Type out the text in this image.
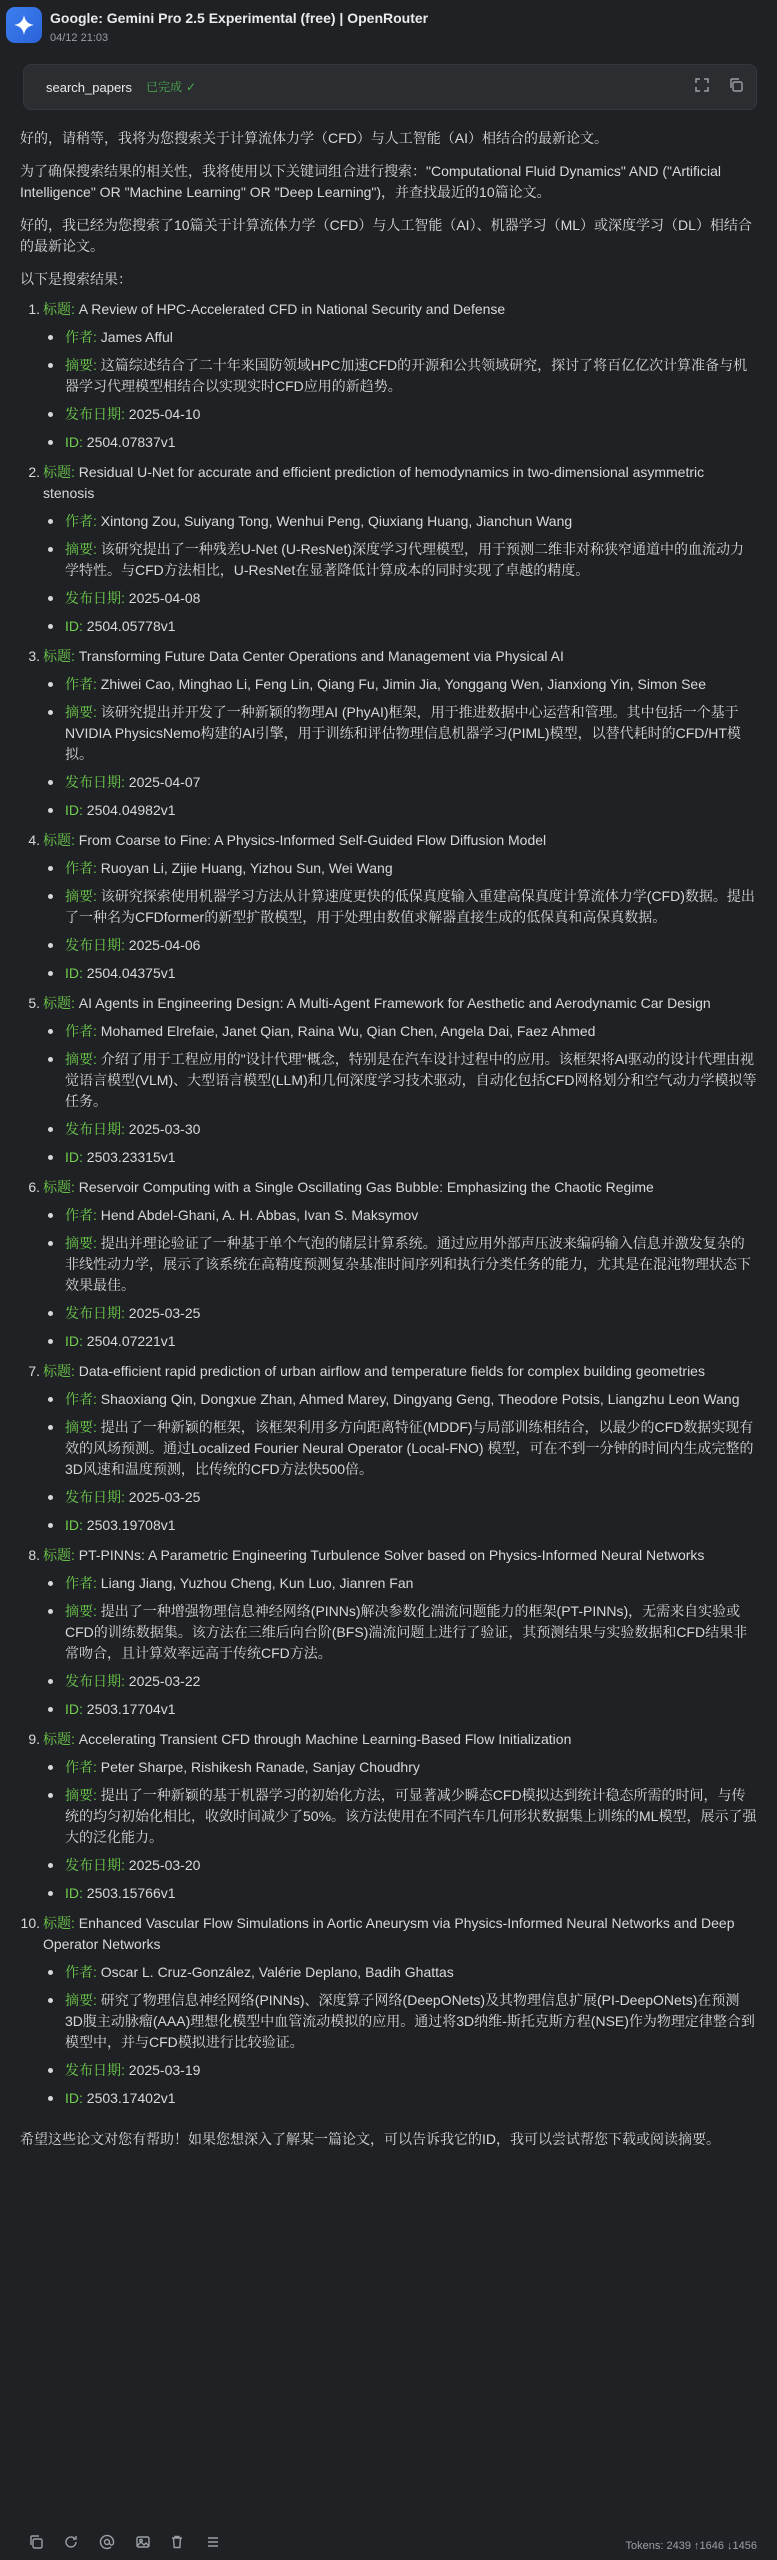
Google: Gemini Pro 2.5 Experimental (free) | OpenRouter
04/12 21:03
search_papers 已完成 ✓

好的，请稍等，我将为您搜索关于计算流体力学（CFD）与人工智能（AI）相结合的最新论文。

为了确保搜索结果的相关性，我将使用以下关键词组合进行搜索："Computational Fluid Dynamics" AND ("Artificial Intelligence" OR "Machine Learning" OR "Deep Learning")，并查找最近的10篇论文。

好的，我已经为您搜索了10篇关于计算流体力学（CFD）与人工智能（AI）、机器学习（ML）或深度学习（DL）相结合的最新论文。

以下是搜索结果：

1. 标题: A Review of HPC-Accelerated CFD in National Security and Defense
作者: James Afful
摘要: 这篇综述结合了二十年来国防领域HPC加速CFD的开源和公共领域研究，探讨了将百亿亿次计算准备与机器学习代理模型相结合以实现实时CFD应用的新趋势。
发布日期: 2025-04-10
ID: 2504.07837v1
2. 标题: Residual U-Net for accurate and efficient prediction of hemodynamics in two-dimensional asymmetric stenosis
作者: Xintong Zou, Suiyang Tong, Wenhui Peng, Qiuxiang Huang, Jianchun Wang
摘要: 该研究提出了一种残差U-Net (U-ResNet)深度学习代理模型，用于预测二维非对称狭窄通道中的血流动力学特性。与CFD方法相比，U-ResNet在显著降低计算成本的同时实现了卓越的精度。
发布日期: 2025-04-08
ID: 2504.05778v1
3. 标题: Transforming Future Data Center Operations and Management via Physical AI
作者: Zhiwei Cao, Minghao Li, Feng Lin, Qiang Fu, Jimin Jia, Yonggang Wen, Jianxiong Yin, Simon See
摘要: 该研究提出并开发了一种新颖的物理AI (PhyAI)框架，用于推进数据中心运营和管理。其中包括一个基于NVIDIA PhysicsNemo构建的AI引擎，用于训练和评估物理信息机器学习(PIML)模型，以替代耗时的CFD/HT模拟。
发布日期: 2025-04-07
ID: 2504.04982v1
4. 标题: From Coarse to Fine: A Physics-Informed Self-Guided Flow Diffusion Model
作者: Ruoyan Li, Zijie Huang, Yizhou Sun, Wei Wang
摘要: 该研究探索使用机器学习方法从计算速度更快的低保真度输入重建高保真度计算流体力学(CFD)数据。提出了一种名为CFDformer的新型扩散模型，用于处理由数值求解器直接生成的低保真和高保真数据。
发布日期: 2025-04-06
ID: 2504.04375v1
5. 标题: AI Agents in Engineering Design: A Multi-Agent Framework for Aesthetic and Aerodynamic Car Design
作者: Mohamed Elrefaie, Janet Qian, Raina Wu, Qian Chen, Angela Dai, Faez Ahmed
摘要: 介绍了用于工程应用的"设计代理"概念，特别是在汽车设计过程中的应用。该框架将AI驱动的设计代理由视觉语言模型(VLM)、大型语言模型(LLM)和几何深度学习技术驱动，自动化包括CFD网格划分和空气动力学模拟等任务。
发布日期: 2025-03-30
ID: 2503.23315v1
6. 标题: Reservoir Computing with a Single Oscillating Gas Bubble: Emphasizing the Chaotic Regime
作者: Hend Abdel-Ghani, A. H. Abbas, Ivan S. Maksymov
摘要: 提出并理论验证了一种基于单个气泡的储层计算系统。通过应用外部声压波来编码输入信息并激发复杂的非线性动力学，展示了该系统在高精度预测复杂基准时间序列和执行分类任务的能力，尤其是在混沌物理状态下效果最佳。
发布日期: 2025-03-25
ID: 2504.07221v1
7. 标题: Data-efficient rapid prediction of urban airflow and temperature fields for complex building geometries
作者: Shaoxiang Qin, Dongxue Zhan, Ahmed Marey, Dingyang Geng, Theodore Potsis, Liangzhu Leon Wang
摘要: 提出了一种新颖的框架，该框架利用多方向距离特征(MDDF)与局部训练相结合，以最少的CFD数据实现有效的风场预测。通过Localized Fourier Neural Operator (Local-FNO) 模型，可在不到一分钟的时间内生成完整的3D风速和温度预测，比传统的CFD方法快500倍。
发布日期: 2025-03-25
ID: 2503.19708v1
8. 标题: PT-PINNs: A Parametric Engineering Turbulence Solver based on Physics-Informed Neural Networks
作者: Liang Jiang, Yuzhou Cheng, Kun Luo, Jianren Fan
摘要: 提出了一种增强物理信息神经网络(PINNs)解决参数化湍流问题能力的框架(PT-PINNs)，无需来自实验或CFD的训练数据集。该方法在三维后向台阶(BFS)湍流问题上进行了验证，其预测结果与实验数据和CFD结果非常吻合，且计算效率远高于传统CFD方法。
发布日期: 2025-03-22
ID: 2503.17704v1
9. 标题: Accelerating Transient CFD through Machine Learning-Based Flow Initialization
作者: Peter Sharpe, Rishikesh Ranade, Sanjay Choudhry
摘要: 提出了一种新颖的基于机器学习的初始化方法，可显著减少瞬态CFD模拟达到统计稳态所需的时间，与传统的均匀初始化相比，收敛时间减少了50%。该方法使用在不同汽车几何形状数据集上训练的ML模型，展示了强大的泛化能力。
发布日期: 2025-03-20
ID: 2503.15766v1
10. 标题: Enhanced Vascular Flow Simulations in Aortic Aneurysm via Physics-Informed Neural Networks and Deep Operator Networks
作者: Oscar L. Cruz-González, Valérie Deplano, Badih Ghattas
摘要: 研究了物理信息神经网络(PINNs)、深度算子网络(DeepONets)及其物理信息扩展(PI-DeepONets)在预测3D腹主动脉瘤(AAA)理想化模型中血管流动模拟的应用。通过将3D纳维-斯托克斯方程(NSE)作为物理定律整合到模型中，并与CFD模拟进行比较验证。
发布日期: 2025-03-19
ID: 2503.17402v1

希望这些论文对您有帮助！如果您想深入了解某一篇论文，可以告诉我它的ID，我可以尝试帮您下载或阅读摘要。

Tokens: 2439 ↑1646 ↓1456
